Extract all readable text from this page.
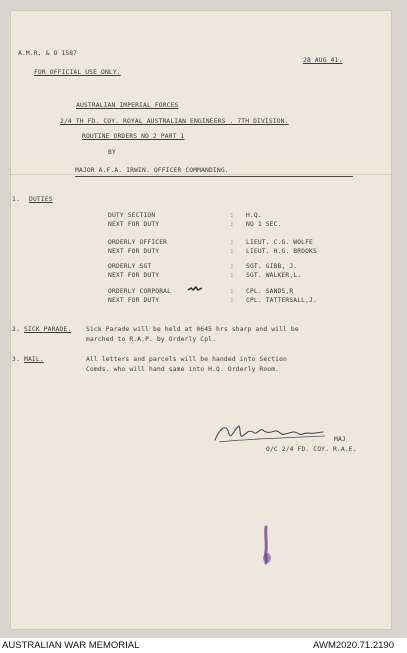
A.M.R. & O 1587
28 AUG 41.
FOR OFFICIAL USE ONLY.
AUSTRALIAN IMPERIAL FORCES
2/4 TH FD. COY. ROYAL AUSTRALIAN ENGINEERS . 7TH DIVISION.
ROUTINE ORDERS NO 2 PART 1
BY
MAJOR A.F.A. IRWIN. OFFICER COMMANDING.
1. DUTIES
DUTY SECTION	: H.Q.
NEXT FOR DUTY	: NO 1 SEC.
ORDERLY OFFICER	: LIEUT. C.G. WOLFE
NEXT FOR DUTY	: LIEUT. H.G. BROOKS
ORDERLY SGT	: SGT. GIBB, J.
NEXT FOR DUTY	: SGT. WALKER,L.
ORDERLY CORPORAL	: CPL. SANDS,R
NEXT FOR DUTY	: CPL. TATTERSALL,J.
2. SICK PARADE. Sick Parade will be held at 0645 hrs sharp and will be
marched to R.A.P. by Orderly Cpl.
3. MAIL.	All letters and parcels will be handed into Section
Comds. who will hand same into H.Q. Orderly Room.
MAJ
O/C 2/4 FD. COY. R.A.E.
AUSTRALIAN WAR MEMORIAL	AWM2020.71.2190
